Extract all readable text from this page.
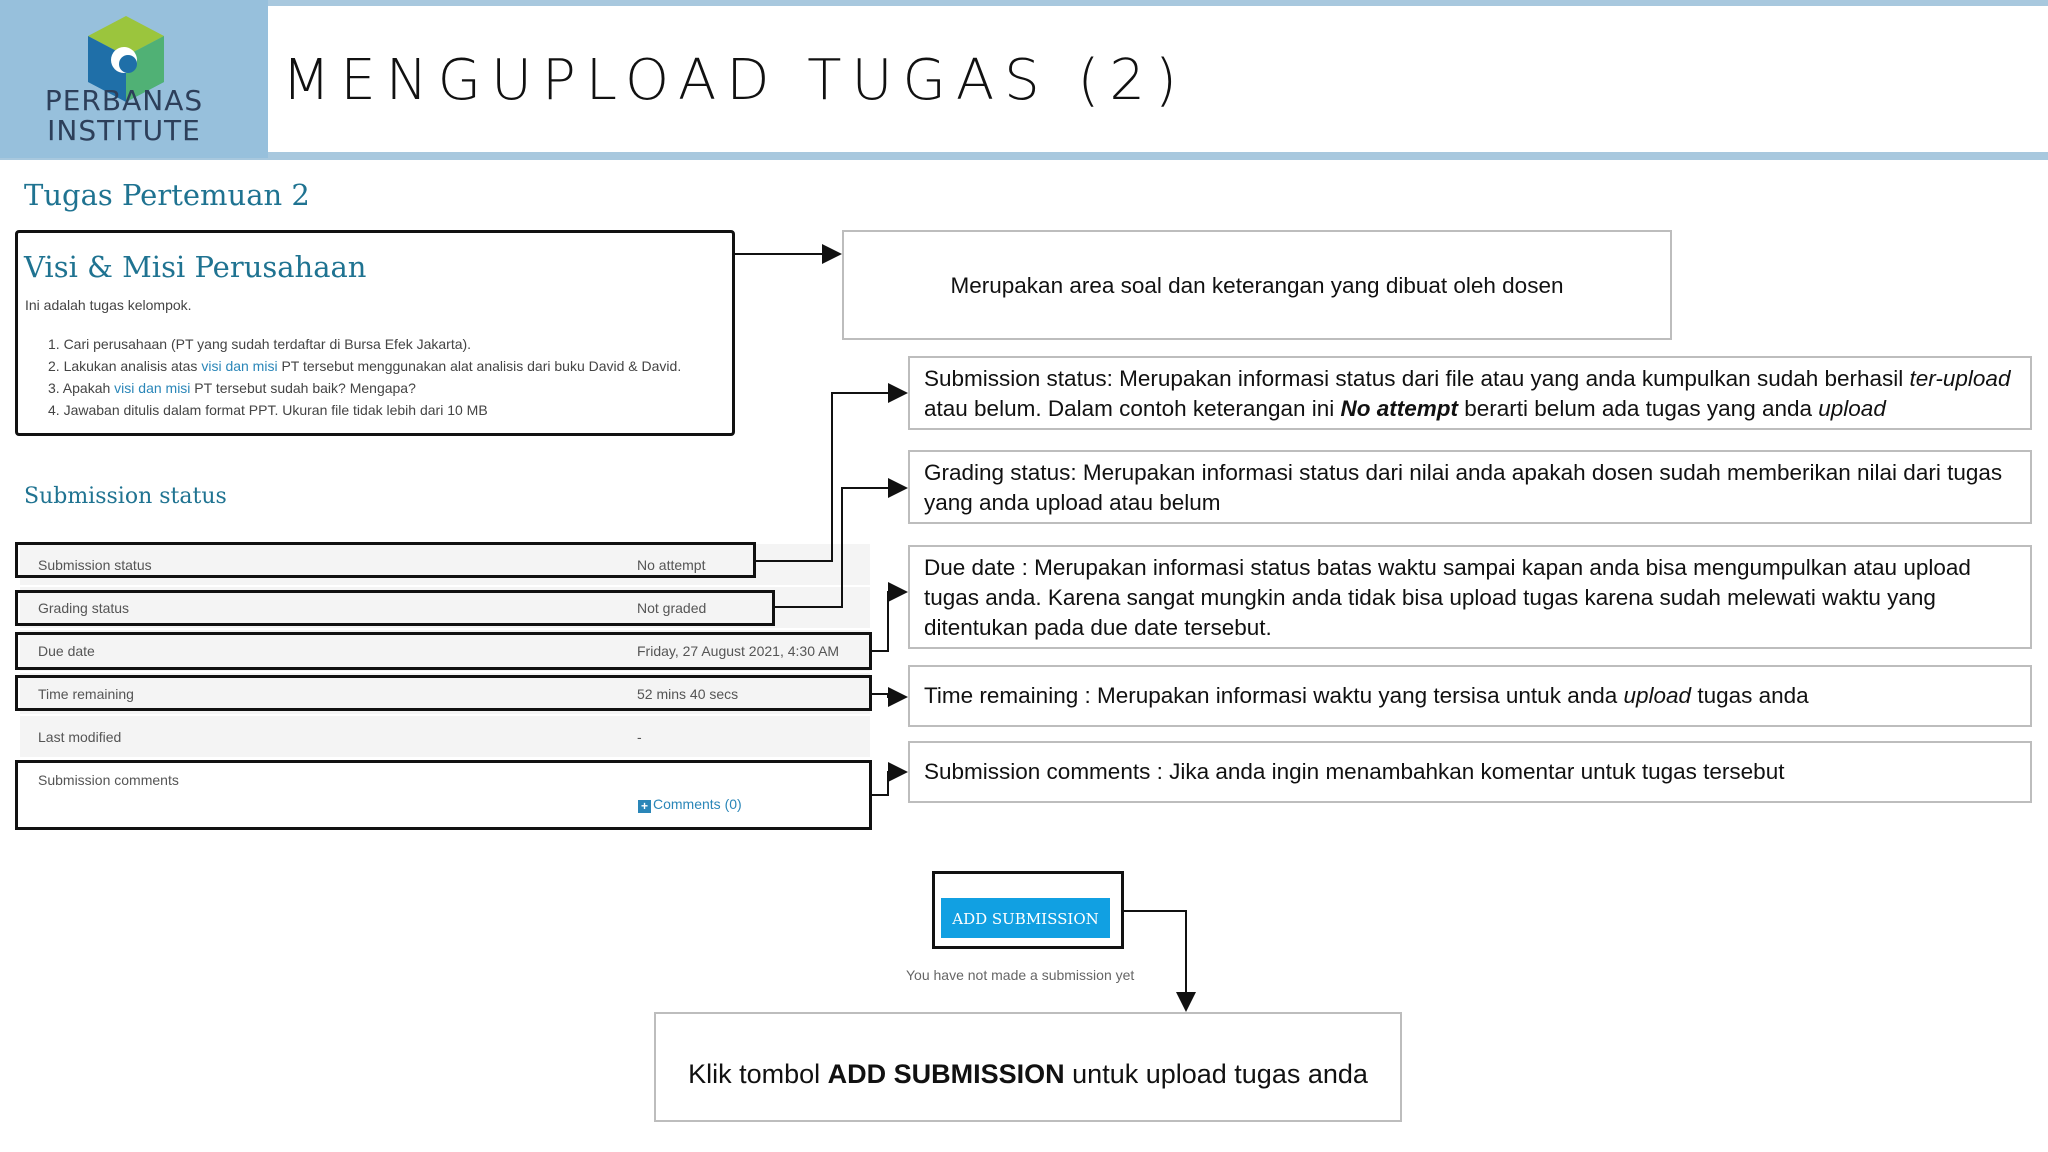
PERBANAS
INSTITUTE
MENGUPLOAD TUGAS (2)
Tugas Pertemuan 2
Visi & Misi Perusahaan
Ini adalah tugas kelompok.
1. Cari perusahaan (PT yang sudah terdaftar di Bursa Efek Jakarta).
2. Lakukan analisis atas visi dan misi PT tersebut menggunakan alat analisis dari buku David & David.
3. Apakah visi dan misi PT tersebut sudah baik? Mengapa?
4. Jawaban ditulis dalam format PPT. Ukuran file tidak lebih dari 10 MB
Submission status
Submission status	No attempt
Grading status	Not graded
Due date	Friday, 27 August 2021, 4:30 AM
Time remaining	52 mins 40 secs
Last modified	-
Submission comments
+ Comments (0)
Merupakan area soal dan keterangan yang dibuat oleh dosen
Submission status: Merupakan informasi status dari file atau yang anda kumpulkan sudah berhasil ter-upload atau belum. Dalam contoh keterangan ini No attempt berarti belum ada tugas yang anda upload
Grading status: Merupakan informasi status dari nilai anda apakah dosen sudah memberikan nilai dari tugas yang anda upload atau belum
Due date : Merupakan informasi status batas waktu sampai kapan anda bisa mengumpulkan atau upload tugas anda. Karena sangat mungkin anda tidak bisa upload tugas karena sudah melewati waktu yang ditentukan pada due date tersebut.
Time remaining : Merupakan informasi waktu yang tersisa untuk anda upload tugas anda
Submission comments : Jika anda ingin menambahkan komentar untuk tugas tersebut
ADD SUBMISSION
You have not made a submission yet
Klik tombol ADD SUBMISSION untuk upload tugas anda
